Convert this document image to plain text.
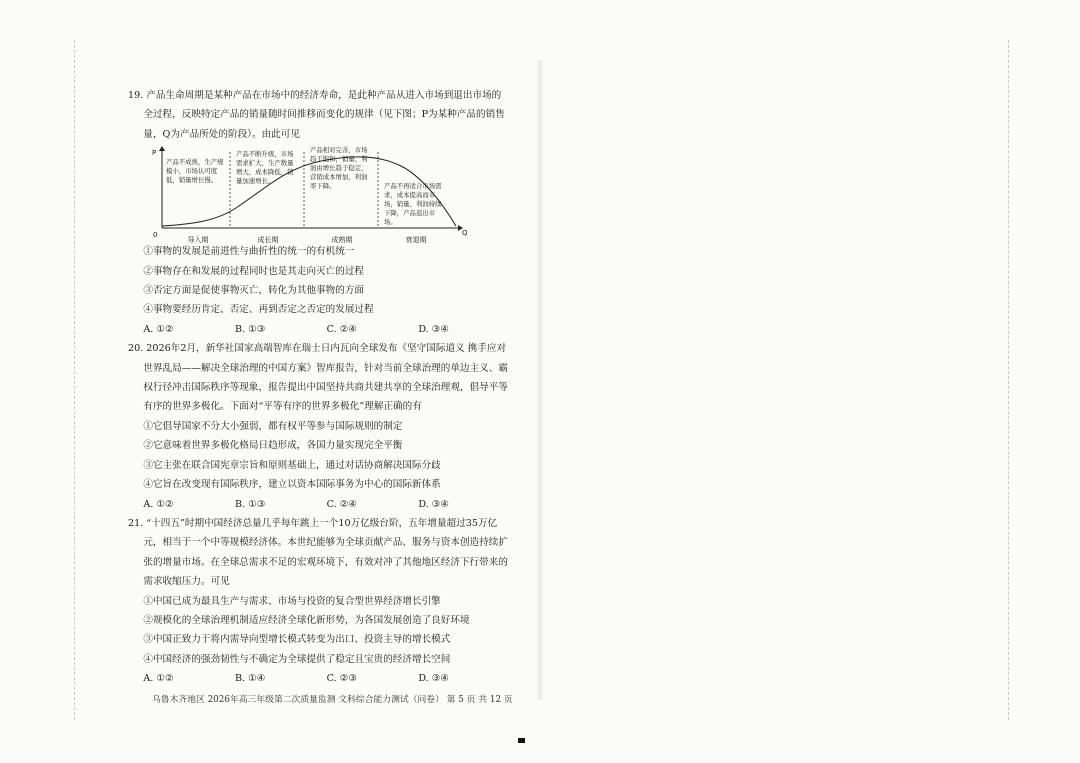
19. 产品生命周期是某种产品在市场中的经济寿命，是此种产品从进入市场到退出市场的全过程，反映特定产品的销量随时间推移而变化的规律（见下图；P为某种产品的销售量，Q为产品所处的阶段）。由此可见

P
Q
0
产品不成熟，生产规模小，市场认可度低，销量增长慢。
产品不断升级，市场需求扩大，生产数量增大，成本降低，销量加速增长。
产品相对完善，市场趋于饱和，销量、利润由增长趋于稳定，营销成本增加，利润率下降。	产品不再适合市场需求，成本提高而市场，销量、利润持续下降，产品退出市场。
导入期	成长期	成熟期	衰退期

①事物的发展是前进性与曲折性的统一的有机统一

②事物存在和发展的过程同时也是其走向灭亡的过程

③否定方面是促使事物灭亡，转化为其他事物的方面

④事物要经历肯定、否定、再到否定之否定的发展过程

A. ①②	B. ①③	C. ②④	D. ③④

20. 2026年2月，新华社国家高端智库在瑞士日内瓦向全球发布《坚守国际道义 携手应对世界乱局——解决全球治理的中国方案》智库报告，针对当前全球治理的单边主义、霸权行径冲击国际秩序等现象，报告提出中国坚持共商共建共享的全球治理观，倡导平等有序的世界多极化。下面对“平等有序的世界多极化”理解正确的有

①它倡导国家不分大小强弱，都有权平等参与国际规则的制定

②它意味着世界多极化格局日趋形成，各国力量实现完全平衡

③它主张在联合国宪章宗旨和原则基础上，通过对话协商解决国际分歧

④它旨在改变现有国际秩序，建立以资本国际事务为中心的国际新体系

A. ①②	B. ①③	C. ②④	D. ③④

21. “十四五”时期中国经济总量几乎每年跳上一个10万亿级台阶，五年增量超过35万亿元，相当于一个中等规模经济体。本世纪能够为全球贡献产品、服务与资本创造持续扩张的增量市场。在全球总需求不足的宏观环境下，有效对冲了其他地区经济下行带来的需求收缩压力。可见

①中国已成为最具生产与需求、市场与投资的复合型世界经济增长引擎

②规模化的全球治理机制适应经济全球化新形势，为各国发展创造了良好环境

③中国正致力于将内需导向型增长模式转变为出口、投资主导的增长模式

④中国经济的强劲韧性与不确定为全球提供了稳定且宝贵的经济增长空间

A. ①②	B. ①④	C. ②③	D. ③④
乌鲁木齐地区 2026年高三年级第二次质量监测 文科综合能力测试（问卷） 第 5 页 共 12 页
